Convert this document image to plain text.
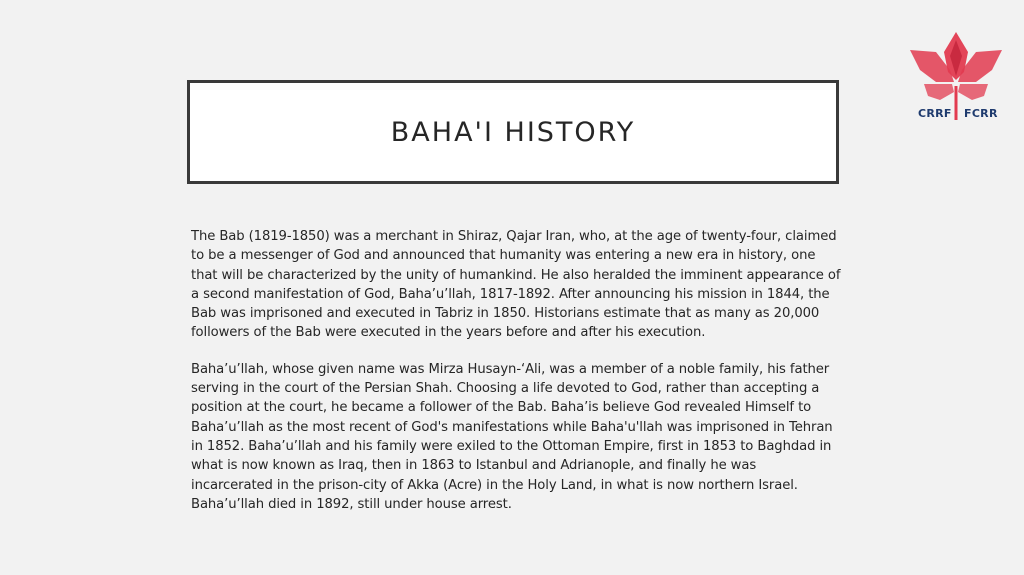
CRRF FCRR
BAHA'I HISTORY

The Bab (1819-1850) was a merchant in Shiraz, Qajar Iran, who, at the age of twenty-four, claimed to be a messenger of God and announced that humanity was entering a new era in history, one that will be characterized by the unity of humankind. He also heralded the imminent appearance of a second manifestation of God, Baha’u’llah, 1817-1892. After announcing his mission in 1844, the Bab was imprisoned and executed in Tabriz in 1850. Historians estimate that as many as 20,000 followers of the Bab were executed in the years before and after his execution.

Baha’u’llah, whose given name was Mirza Husayn-‘Ali, was a member of a noble family, his father serving in the court of the Persian Shah. Choosing a life devoted to God, rather than accepting a position at the court, he became a follower of the Bab. Baha’is believe God revealed Himself to Baha’u’llah as the most recent of God's manifestations while Baha'u'llah was imprisoned in Tehran in 1852. Baha’u’llah and his family were exiled to the Ottoman Empire, first in 1853 to Baghdad in what is now known as Iraq, then in 1863 to Istanbul and Adrianople, and finally he was incarcerated in the prison-city of Akka (Acre) in the Holy Land, in what is now northern Israel. Baha’u’llah died in 1892, still under house arrest.
